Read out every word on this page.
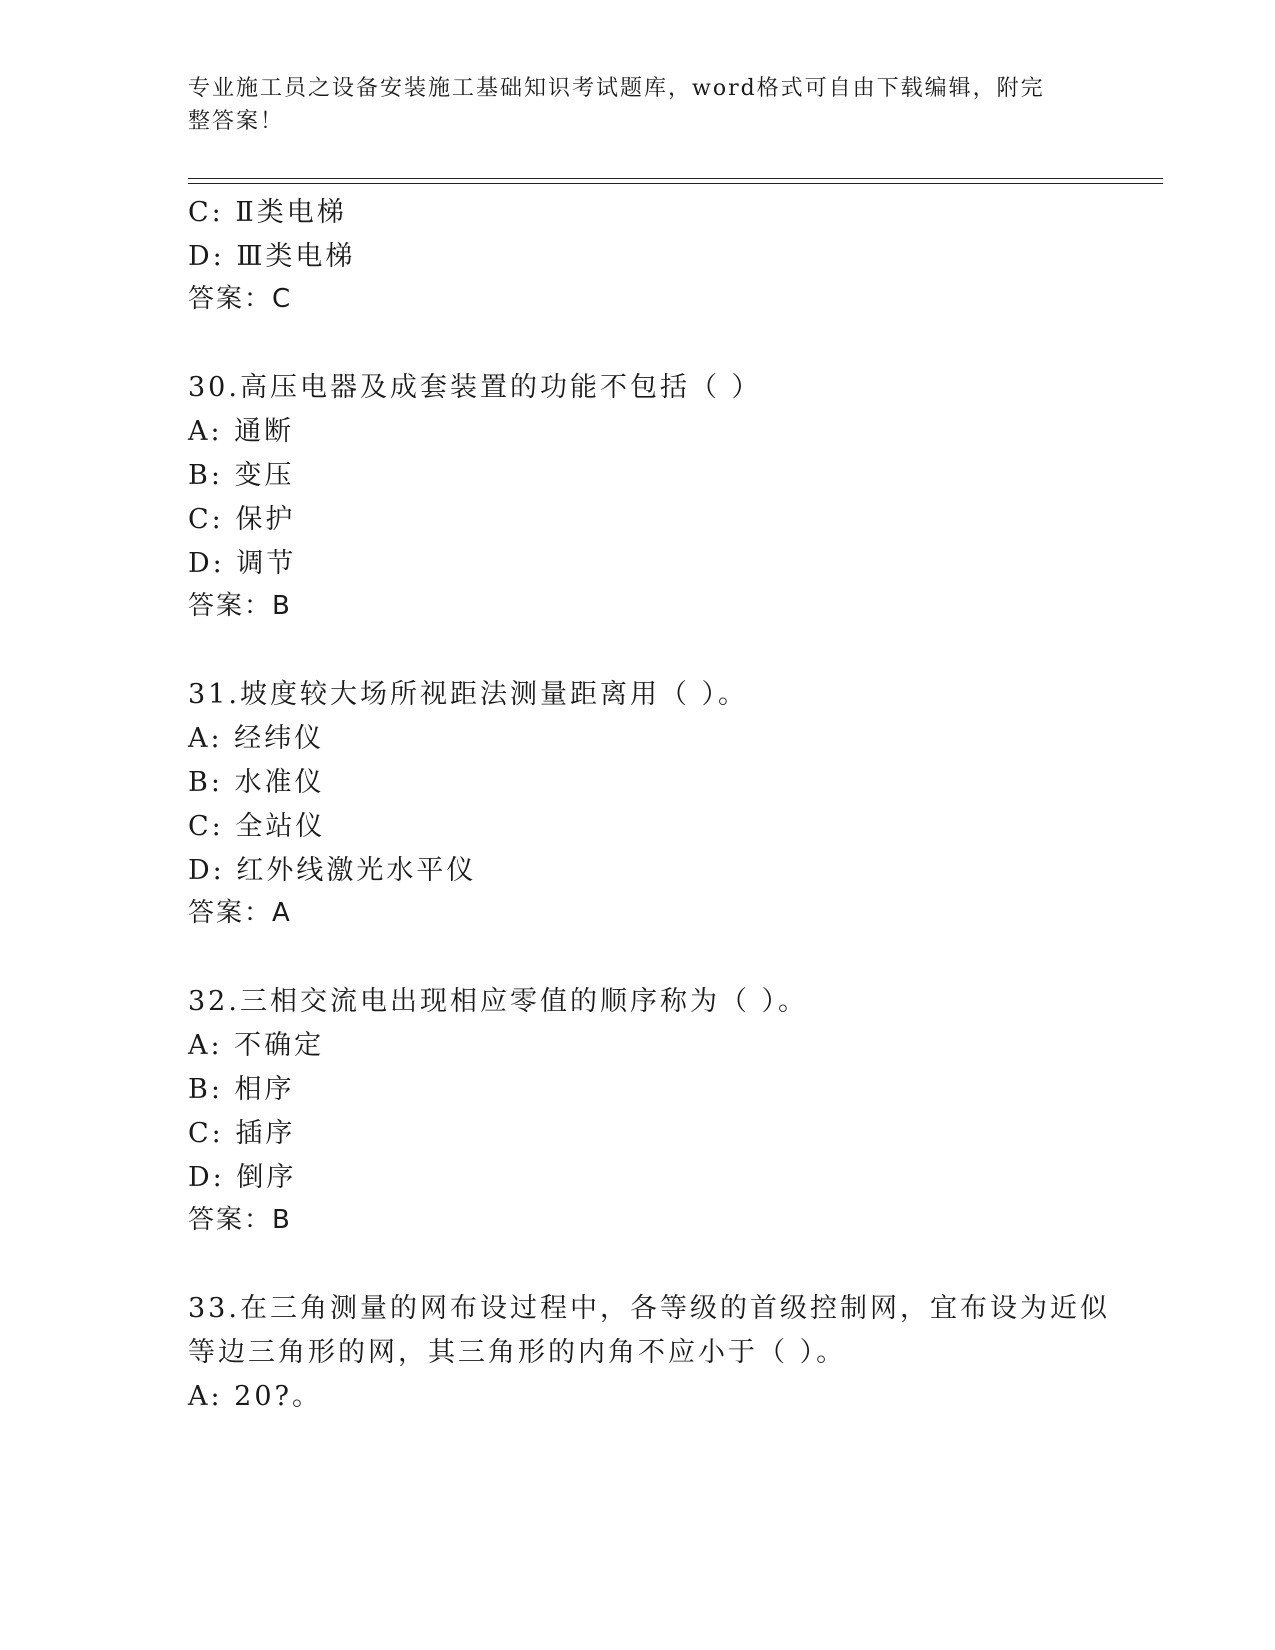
专业施工员之设备安装施工基础知识考试题库，word格式可自由下载编辑，附完整答案！
C: Ⅱ类电梯
D: Ⅲ类电梯
答案：C
30.高压电器及成套装置的功能不包括（ ）
A: 通断
B: 变压
C: 保护
D: 调节
答案：B
31.坡度较大场所视距法测量距离用（ ）。
A: 经纬仪
B: 水准仪
C: 全站仪
D: 红外线激光水平仪
答案：A
32.三相交流电出现相应零值的顺序称为（ ）。
A: 不确定
B: 相序
C: 插序
D: 倒序
答案：B
33.在三角测量的网布设过程中，各等级的首级控制网，宜布设为近似
等边三角形的网，其三角形的内角不应小于（ ）。
A: 20?。
